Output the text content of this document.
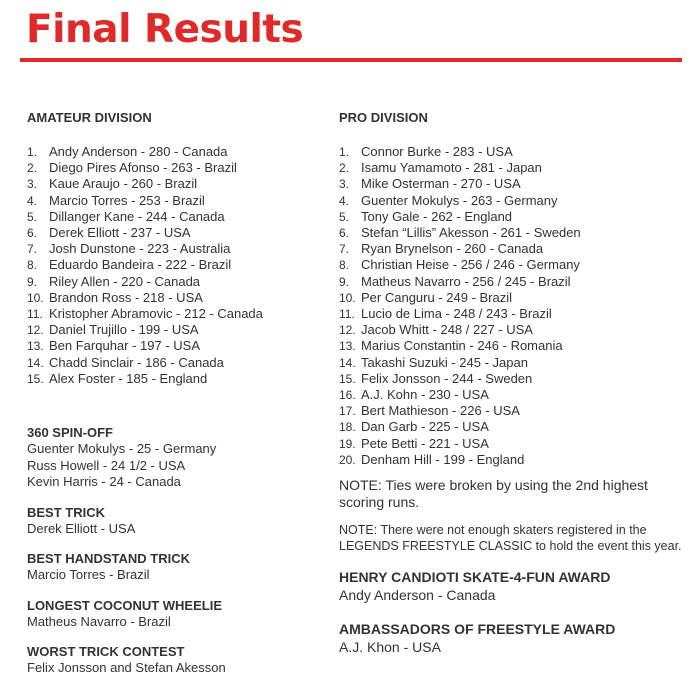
Final Results
AMATEUR DIVISION
1. Andy Anderson - 280 - Canada
2. Diego Pires Afonso - 263 - Brazil
3. Kaue Araujo - 260 - Brazil
4. Marcio Torres - 253 - Brazil
5. Dillanger Kane - 244 - Canada
6. Derek Elliott - 237 - USA
7. Josh Dunstone - 223 - Australia
8. Eduardo Bandeira - 222 - Brazil
9. Riley Allen - 220 - Canada
10. Brandon Ross - 218 - USA
11. Kristopher Abramovic - 212 - Canada
12. Daniel Trujillo - 199 - USA
13. Ben Farquhar - 197 - USA
14. Chadd Sinclair - 186 - Canada
15. Alex Foster - 185 - England
360 SPIN-OFF
Guenter Mokulys - 25 - Germany
Russ Howell - 24 1/2 - USA
Kevin Harris - 24 - Canada
BEST TRICK
Derek Elliott - USA
BEST HANDSTAND TRICK
Marcio Torres - Brazil
LONGEST COCONUT WHEELIE
Matheus Navarro - Brazil
WORST TRICK CONTEST
Felix Jonsson and Stefan Akesson
PRO DIVISION
1. Connor Burke - 283 - USA
2. Isamu Yamamoto - 281 - Japan
3. Mike Osterman - 270 - USA
4. Guenter Mokulys - 263 - Germany
5. Tony Gale - 262 - England
6. Stefan “Lillis” Akesson - 261 - Sweden
7. Ryan Brynelson - 260 - Canada
8. Christian Heise - 256 / 246 - Germany
9. Matheus Navarro - 256 / 245 - Brazil
10. Per Canguru - 249 - Brazil
11. Lucio de Lima - 248 / 243 - Brazil
12. Jacob Whitt - 248 / 227 - USA
13. Marius Constantin - 246 - Romania
14. Takashi Suzuki - 245 - Japan
15. Felix Jonsson - 244 - Sweden
16. A.J. Kohn - 230 - USA
17. Bert Mathieson - 226 - USA
18. Dan Garb - 225 - USA
19. Pete Betti - 221 - USA
20. Denham Hill - 199 - England
NOTE: Ties were broken by using the 2nd highest scoring runs.
NOTE: There were not enough skaters registered in the LEGENDS FREESTYLE CLASSIC to hold the event this year.
HENRY CANDIOTI SKATE-4-FUN AWARD
Andy Anderson - Canada
AMBASSADORS OF FREESTYLE AWARD
A.J. Khon - USA
